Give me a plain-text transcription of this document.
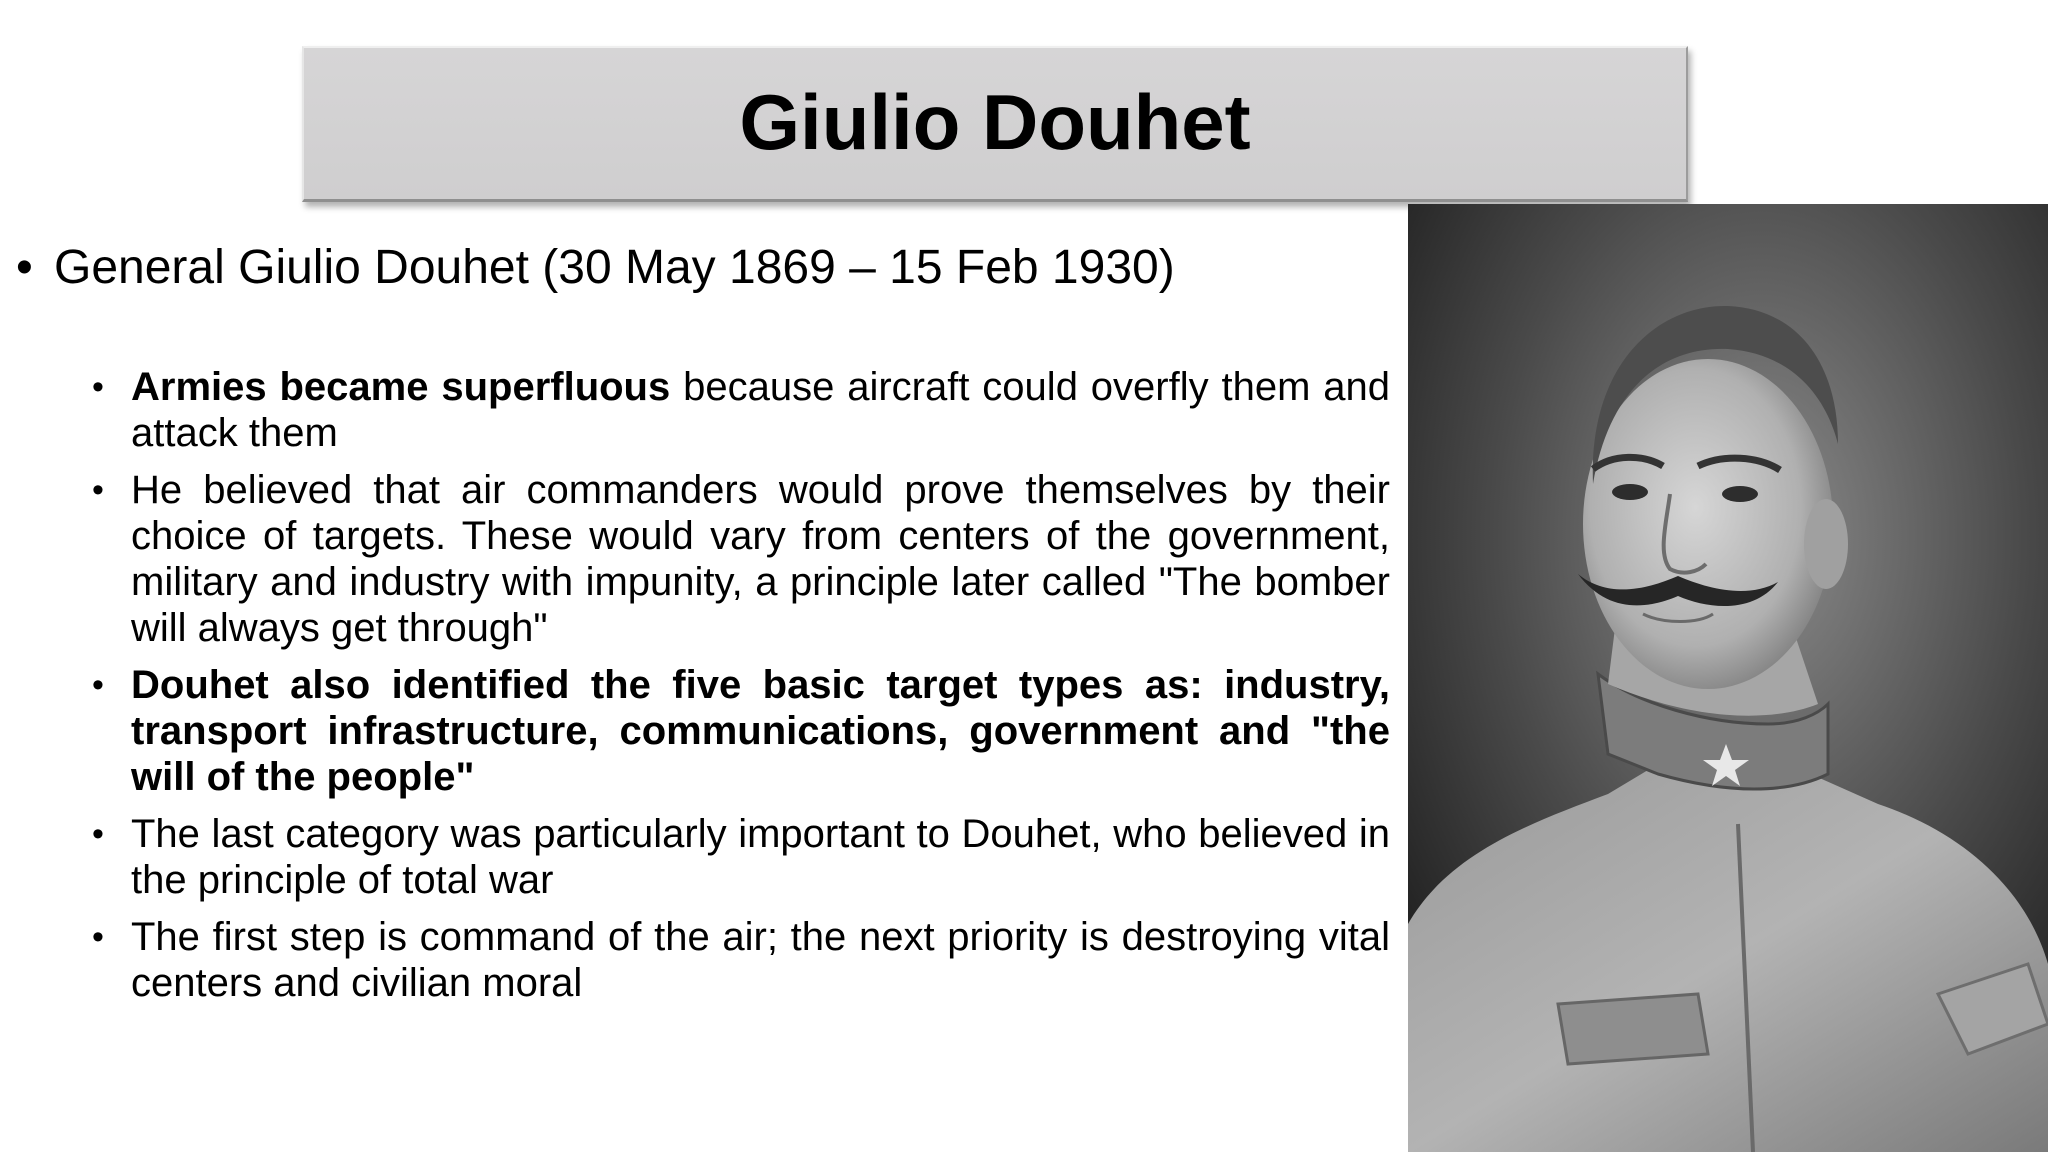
Giulio Douhet
• General Giulio Douhet (30 May 1869 – 15 Feb 1930)
• Armies became superfluous because aircraft could overfly them and attack them
• He believed that air commanders would prove themselves by their choice of targets. These would vary from centers of the government, military and industry with impunity, a principle later called "The bomber will always get through"
• Douhet also identified the five basic target types as: industry, transport infrastructure, communications, government and "the will of the people"
• The last category was particularly important to Douhet, who believed in the principle of total war
• The first step is command of the air; the next priority is destroying vital centers and civilian moral
